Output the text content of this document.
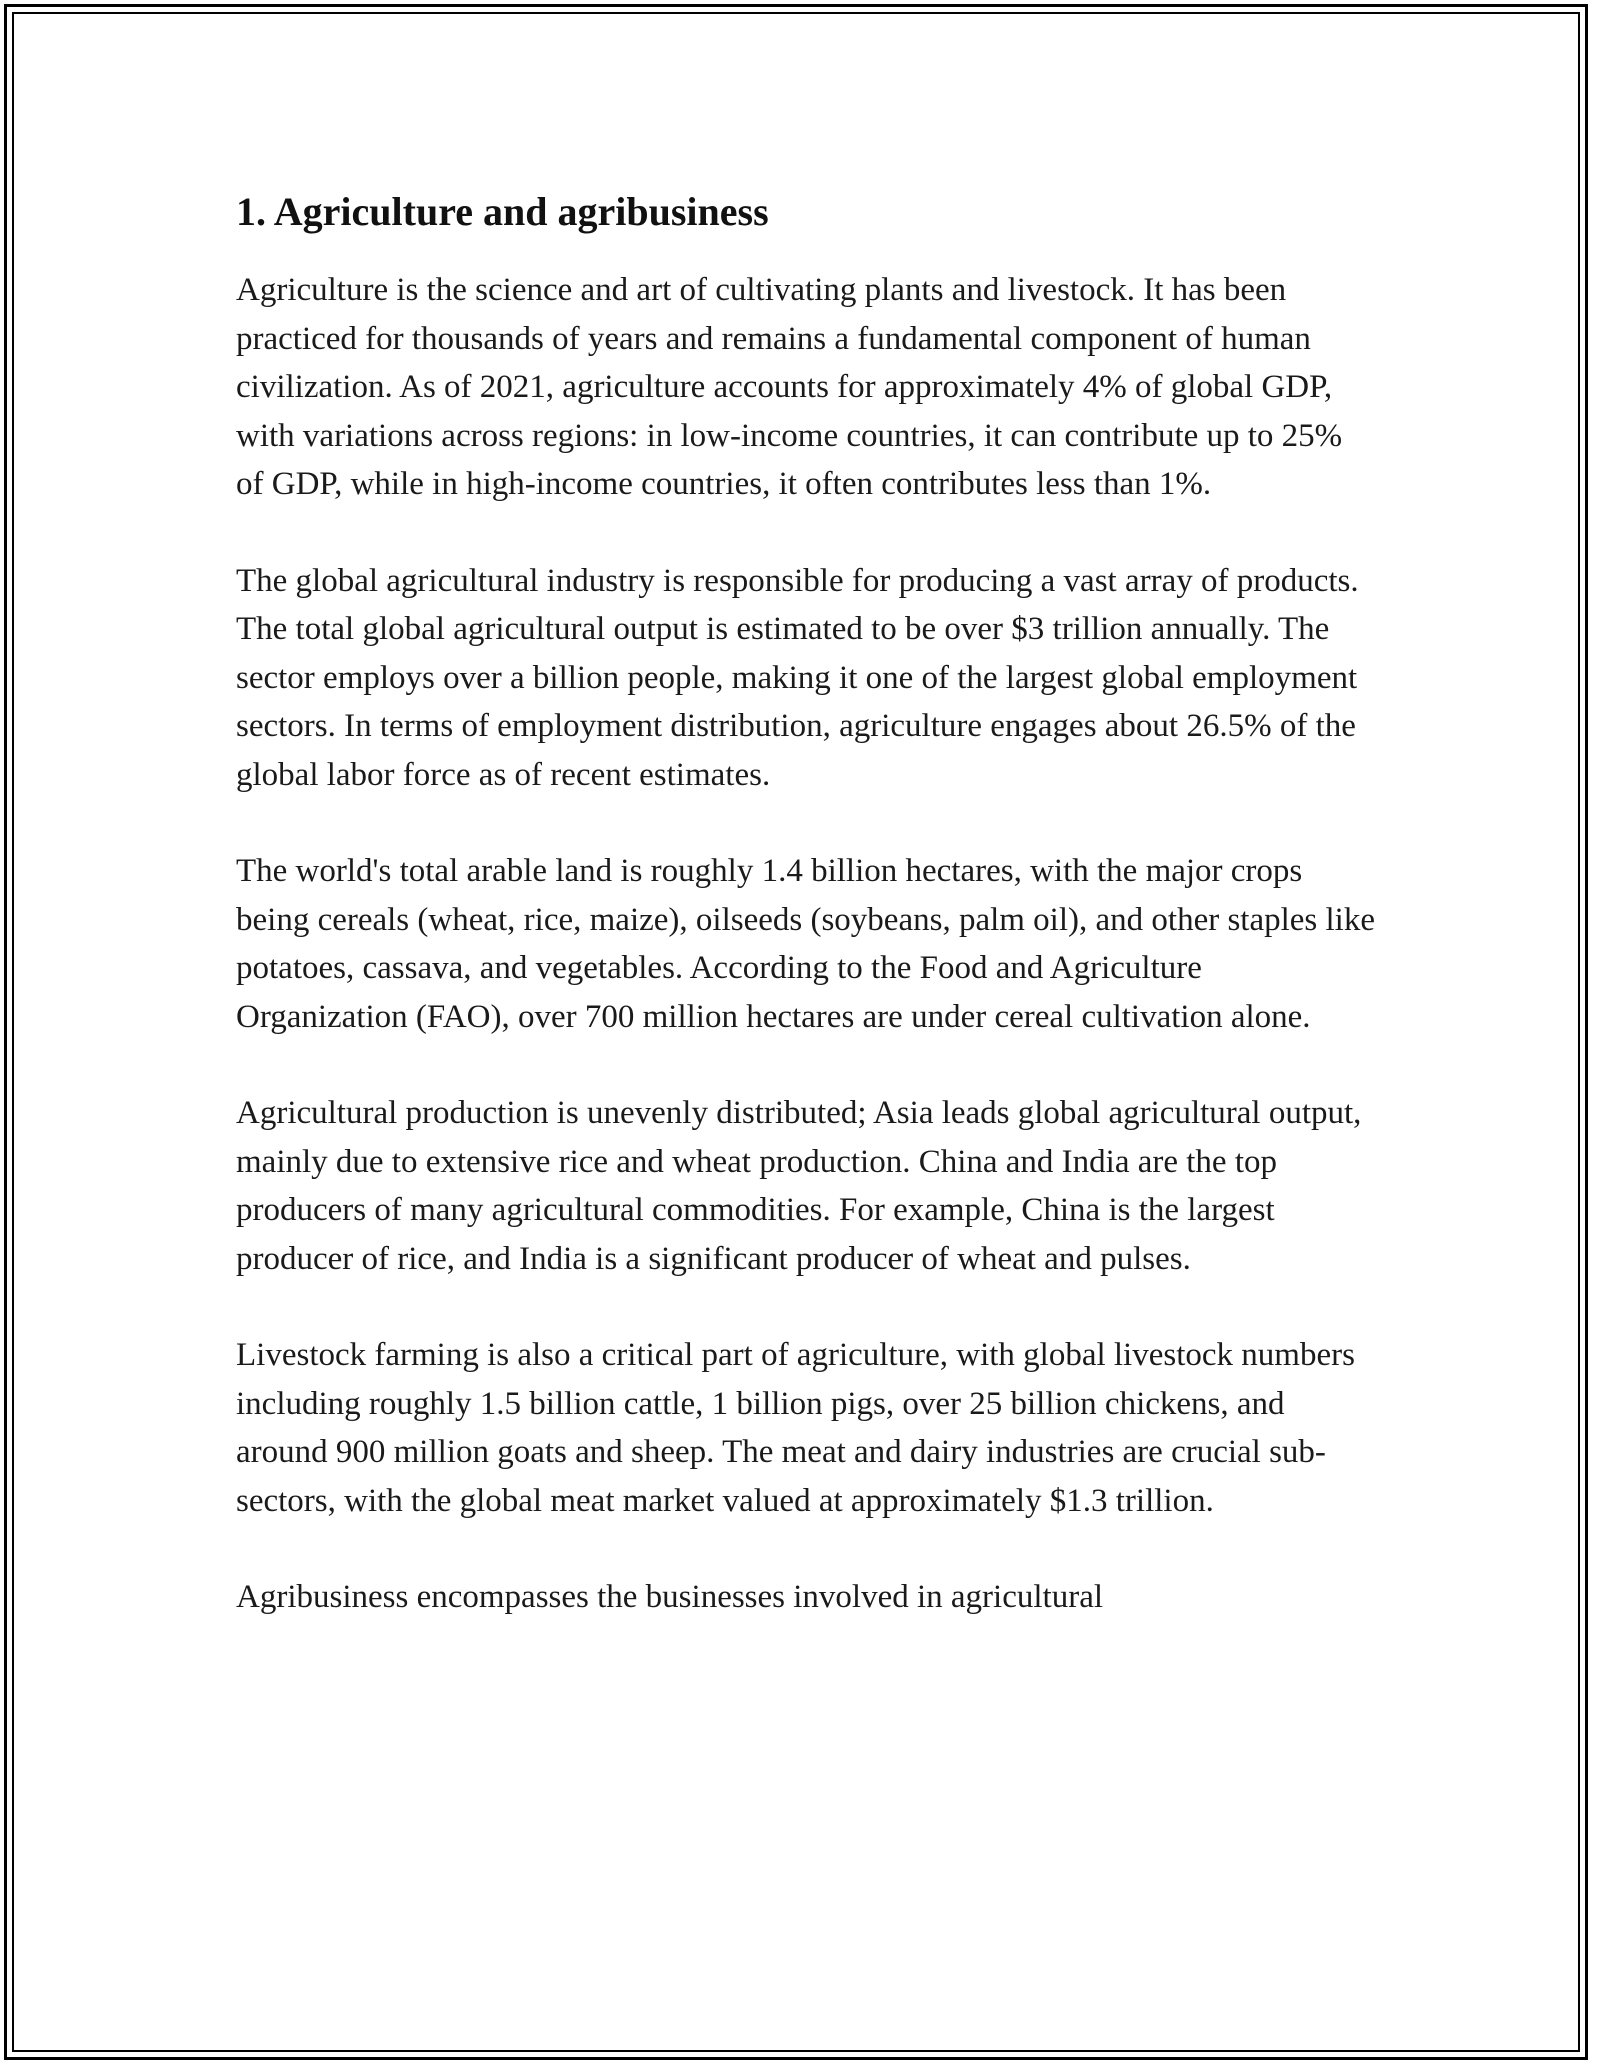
1. Agriculture and agribusiness

Agriculture is the science and art of cultivating plants and livestock. It has been practiced for thousands of years and remains a fundamental component of human civilization. As of 2021, agriculture accounts for approximately 4% of global GDP, with variations across regions: in low-income countries, it can contribute up to 25% of GDP, while in high-income countries, it often contributes less than 1%.

The global agricultural industry is responsible for producing a vast array of products. The total global agricultural output is estimated to be over $3 trillion annually. The sector employs over a billion people, making it one of the largest global employment sectors. In terms of employment distribution, agriculture engages about 26.5% of the global labor force as of recent estimates.

The world's total arable land is roughly 1.4 billion hectares, with the major crops being cereals (wheat, rice, maize), oilseeds (soybeans, palm oil), and other staples like potatoes, cassava, and vegetables. According to the Food and Agriculture Organization (FAO), over 700 million hectares are under cereal cultivation alone.

Agricultural production is unevenly distributed; Asia leads global agricultural output, mainly due to extensive rice and wheat production. China and India are the top producers of many agricultural commodities. For example, China is the largest producer of rice, and India is a significant producer of wheat and pulses.

Livestock farming is also a critical part of agriculture, with global livestock numbers including roughly 1.5 billion cattle, 1 billion pigs, over 25 billion chickens, and around 900 million goats and sheep. The meat and dairy industries are crucial sub-sectors, with the global meat market valued at approximately $1.3 trillion.

Agribusiness encompasses the businesses involved in agricultural
